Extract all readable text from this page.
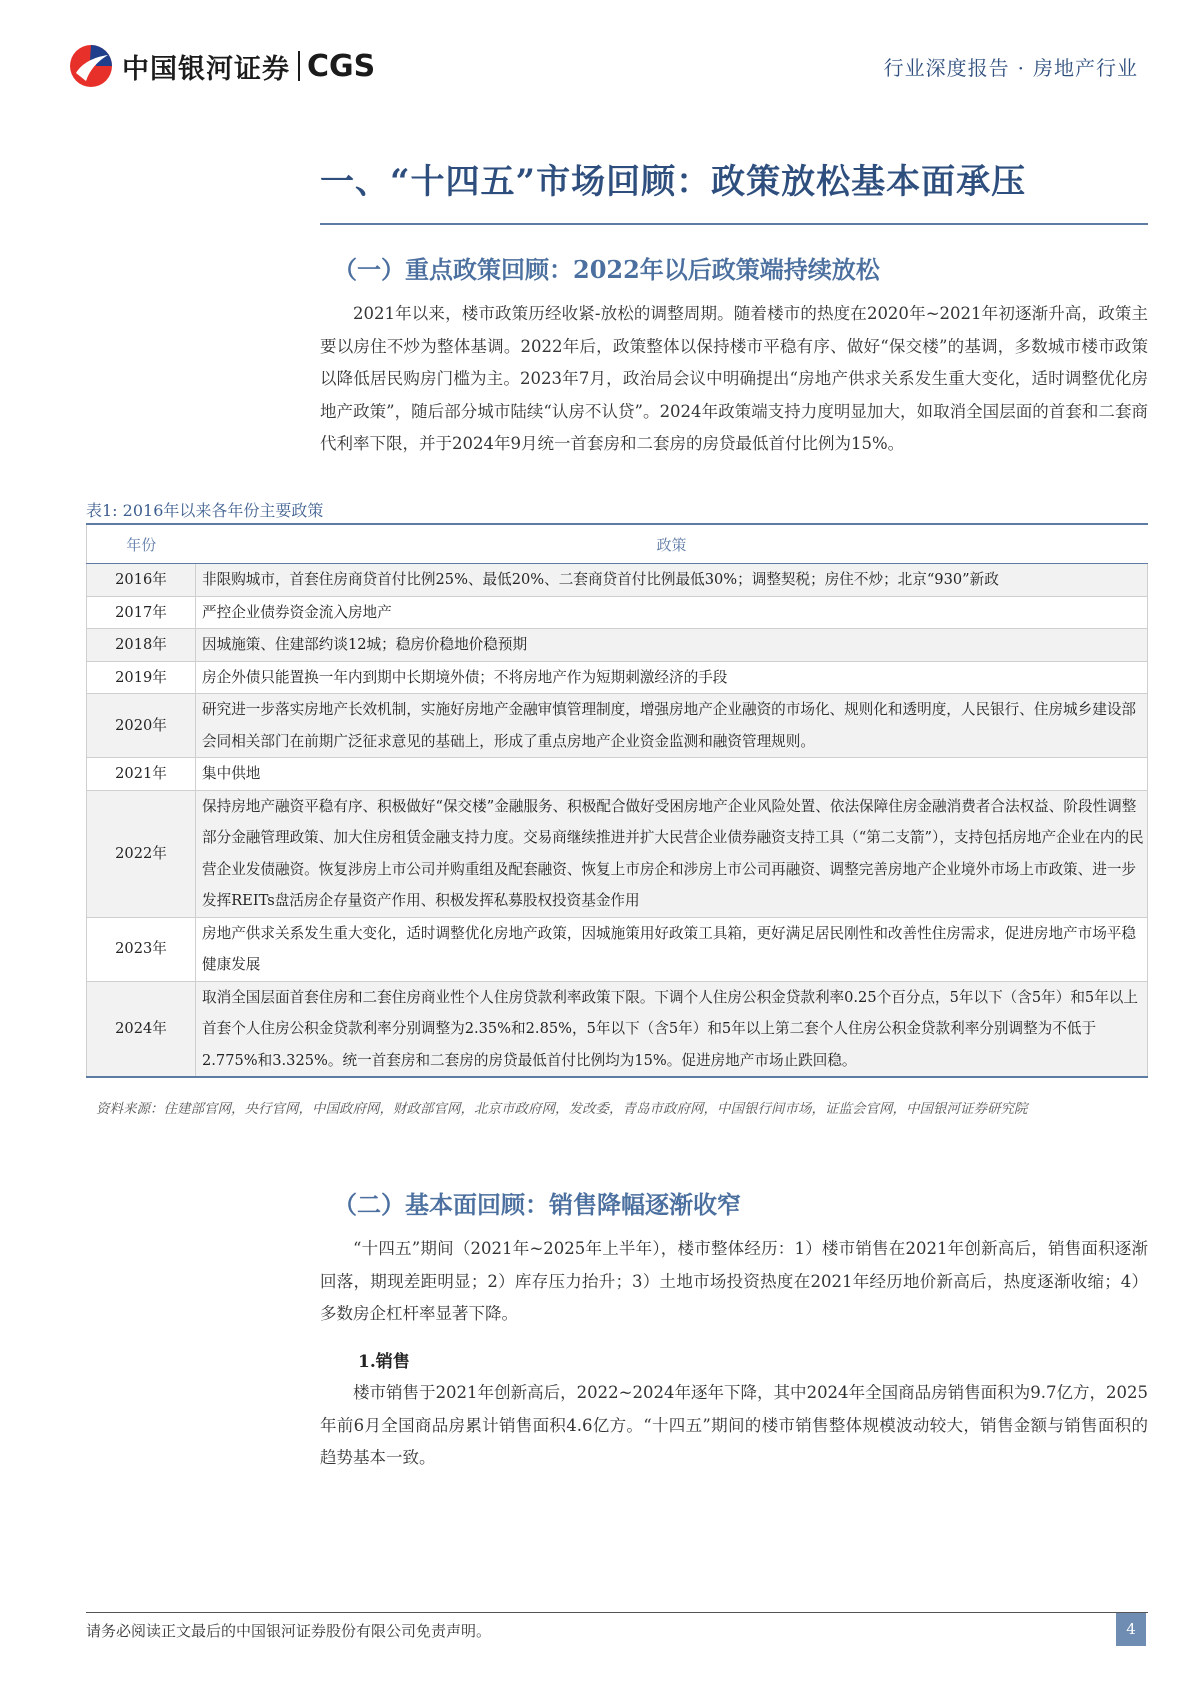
中国银河证券 CGS	行业深度报告 · 房地产行业
一、“十四五”市场回顾：政策放松基本面承压
（一）重点政策回顾：2022年以后政策端持续放松

2021年以来，楼市政策历经收紧-放松的调整周期。随着楼市的热度在2020年~2021年初逐渐升高，政策主要以房住不炒为整体基调。2022年后，政策整体以保持楼市平稳有序、做好“保交楼”的基调，多数城市楼市政策以降低居民购房门槛为主。2023年7月，政治局会议中明确提出“房地产供求关系发生重大变化，适时调整优化房地产政策”，随后部分城市陆续“认房不认贷”。2024年政策端支持力度明显加大，如取消全国层面的首套和二套商代利率下限，并于2024年9月统一首套房和二套房的房贷最低首付比例为15%。

表1: 2016年以来各年份主要政策
年份	政策
2016年	非限购城市，首套住房商贷首付比例25%、最低20%、二套商贷首付比例最低30%；调整契税；房住不炒；北京“930”新政
2017年	严控企业债券资金流入房地产
2018年	因城施策、住建部约谈12城；稳房价稳地价稳预期
2019年	房企外债只能置换一年内到期中长期境外债；不将房地产作为短期刺激经济的手段
2020年	研究进一步落实房地产长效机制，实施好房地产金融审慎管理制度，增强房地产企业融资的市场化、规则化和透明度，人民银行、住房城乡建设部会同相关部门在前期广泛征求意见的基础上，形成了重点房地产企业资金监测和融资管理规则。
2021年	集中供地
2022年	保持房地产融资平稳有序、积极做好“保交楼”金融服务、积极配合做好受困房地产企业风险处置、依法保障住房金融消费者合法权益、阶段性调整部分金融管理政策、加大住房租赁金融支持力度。交易商继续推进并扩大民营企业债券融资支持工具（“第二支箭”），支持包括房地产企业在内的民营企业发债融资。恢复涉房上市公司并购重组及配套融资、恢复上市房企和涉房上市公司再融资、调整完善房地产企业境外市场上市政策、进一步发挥REITs盘活房企存量资产作用、积极发挥私募股权投资基金作用
2023年	房地产供求关系发生重大变化，适时调整优化房地产政策，因城施策用好政策工具箱，更好满足居民刚性和改善性住房需求，促进房地产市场平稳健康发展
2024年	取消全国层面首套住房和二套住房商业性个人住房贷款利率政策下限。下调个人住房公积金贷款利率0.25个百分点，5年以下（含5年）和5年以上首套个人住房公积金贷款利率分别调整为2.35%和2.85%，5年以下（含5年）和5年以上第二套个人住房公积金贷款利率分别调整为不低于2.775%和3.325%。统一首套房和二套房的房贷最低首付比例均为15%。促进房地产市场止跌回稳。
资料来源：住建部官网，央行官网，中国政府网，财政部官网，北京市政府网，发改委，青岛市政府网，中国银行间市场，证监会官网，中国银河证券研究院
（二）基本面回顾：销售降幅逐渐收窄

“十四五”期间（2021年~2025年上半年），楼市整体经历：1）楼市销售在2021年创新高后，销售面积逐渐回落，期现差距明显；2）库存压力抬升；3）土地市场投资热度在2021年经历地价新高后，热度逐渐收缩；4）多数房企杠杆率显著下降。

1.销售

楼市销售于2021年创新高后，2022~2024年逐年下降，其中2024年全国商品房销售面积为9.7亿方，2025年前6月全国商品房累计销售面积4.6亿方。“十四五”期间的楼市销售整体规模波动较大，销售金额与销售面积的趋势基本一致。

请务必阅读正文最后的中国银河证券股份有限公司免责声明。	4
